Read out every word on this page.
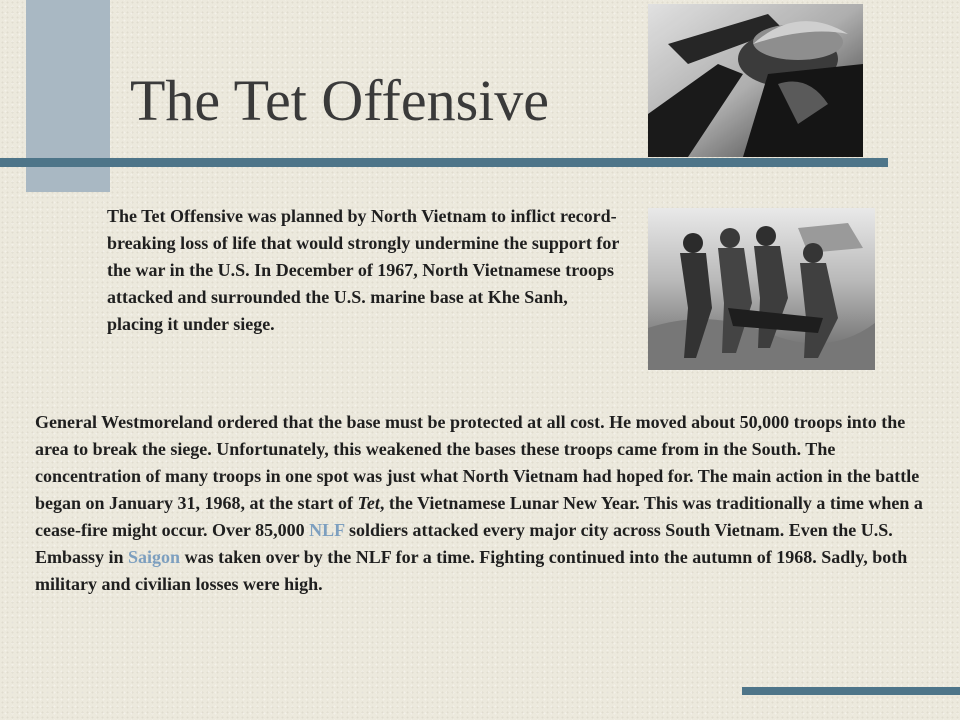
The Tet Offensive

The Tet Offensive was planned by North Vietnam to inflict record-breaking loss of life that would strongly undermine the support for the war in the U.S. In December of 1967, North Vietnamese troops attacked and surrounded the U.S. marine base at Khe Sanh, placing it under siege.

General Westmoreland ordered that the base must be protected at all cost. He moved about 50,000 troops into the area to break the siege. Unfortunately, this weakened the bases these troops came from in the South. The concentration of many troops in one spot was just what North Vietnam had hoped for. The main action in the battle began on January 31, 1968, at the start of Tet, the Vietnamese Lunar New Year. This was traditionally a time when a cease-fire might occur. Over 85,000 NLF soldiers attacked every major city across South Vietnam. Even the U.S. Embassy in Saigon was taken over by the NLF for a time. Fighting continued into the autumn of 1968. Sadly, both military and civilian losses were high.
